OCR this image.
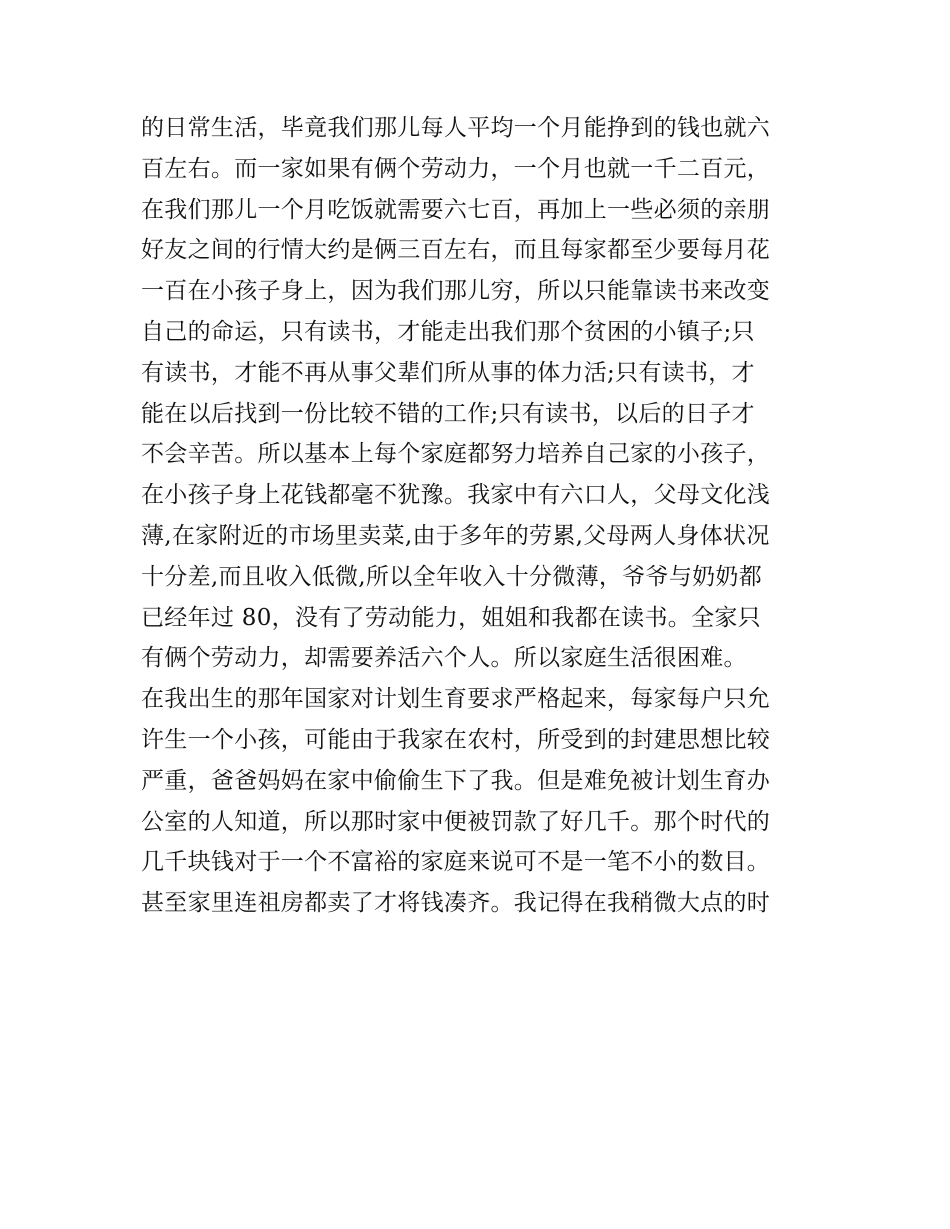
的日常生活，毕竟我们那儿每人平均一个月能挣到的钱也就六
百左右。而一家如果有俩个劳动力，一个月也就一千二百元，
在我们那儿一个月吃饭就需要六七百，再加上一些必须的亲朋
好友之间的行情大约是俩三百左右，而且每家都至少要每月花
一百在小孩子身上，因为我们那儿穷，所以只能靠读书来改变
自己的命运，只有读书，才能走出我们那个贫困的小镇子;只
有读书，才能不再从事父辈们所从事的体力活;只有读书，才
能在以后找到一份比较不错的工作;只有读书，以后的日子才
不会辛苦。所以基本上每个家庭都努力培养自己家的小孩子，
在小孩子身上花钱都毫不犹豫。我家中有六口人，父母文化浅
薄,在家附近的市场里卖菜,由于多年的劳累,父母两人身体状况
十分差,而且收入低微,所以全年收入十分微薄，爷爷与奶奶都
已经年过 80，没有了劳动能力，姐姐和我都在读书。全家只
有俩个劳动力，却需要养活六个人。所以家庭生活很困难。
在我出生的那年国家对计划生育要求严格起来，每家每户只允
许生一个小孩，可能由于我家在农村，所受到的封建思想比较
严重，爸爸妈妈在家中偷偷生下了我。但是难免被计划生育办
公室的人知道，所以那时家中便被罚款了好几千。那个时代的
几千块钱对于一个不富裕的家庭来说可不是一笔不小的数目。
甚至家里连祖房都卖了才将钱凑齐。我记得在我稍微大点的时
